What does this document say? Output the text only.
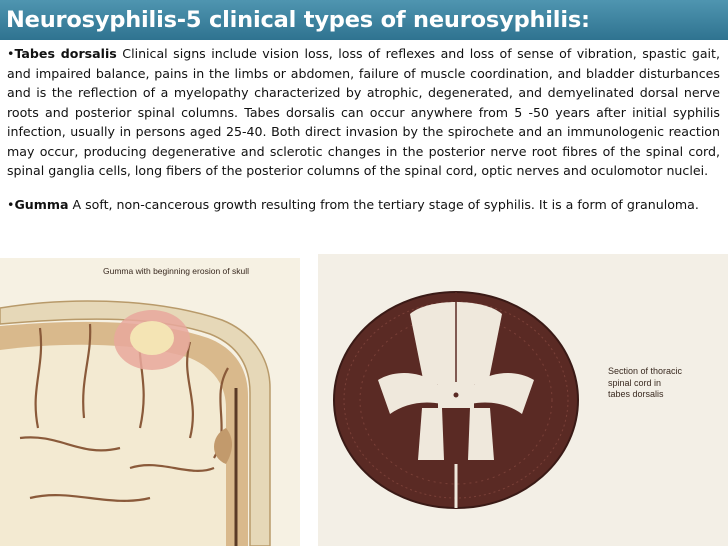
Neurosyphilis-5 clinical types of neurosyphilis:

•Tabes dorsalis Clinical signs include vision loss, loss of reflexes and loss of sense of vibration, spastic gait, and impaired balance, pains in the limbs or abdomen, failure of muscle coordination, and bladder disturbances and is the reflection of a myelopathy characterized by atrophic, degenerated, and demyelinated dorsal nerve roots and posterior spinal columns. Tabes dorsalis can occur anywhere from 5 -50 years after initial syphilis infection, usually in persons aged 25-40. Both direct invasion by the spirochete and an immunologenic reaction may occur, producing degenerative and sclerotic changes in the posterior nerve root fibres of the spinal cord, spinal ganglia cells, long fibers of the posterior columns of the spinal cord, optic nerves and oculomotor nuclei.

•Gumma A soft, non-cancerous growth resulting from the tertiary stage of syphilis. It is a form of granuloma.

Gumma with beginning erosion of skull
Section of thoracic
spinal cord in
tabes dorsalis
